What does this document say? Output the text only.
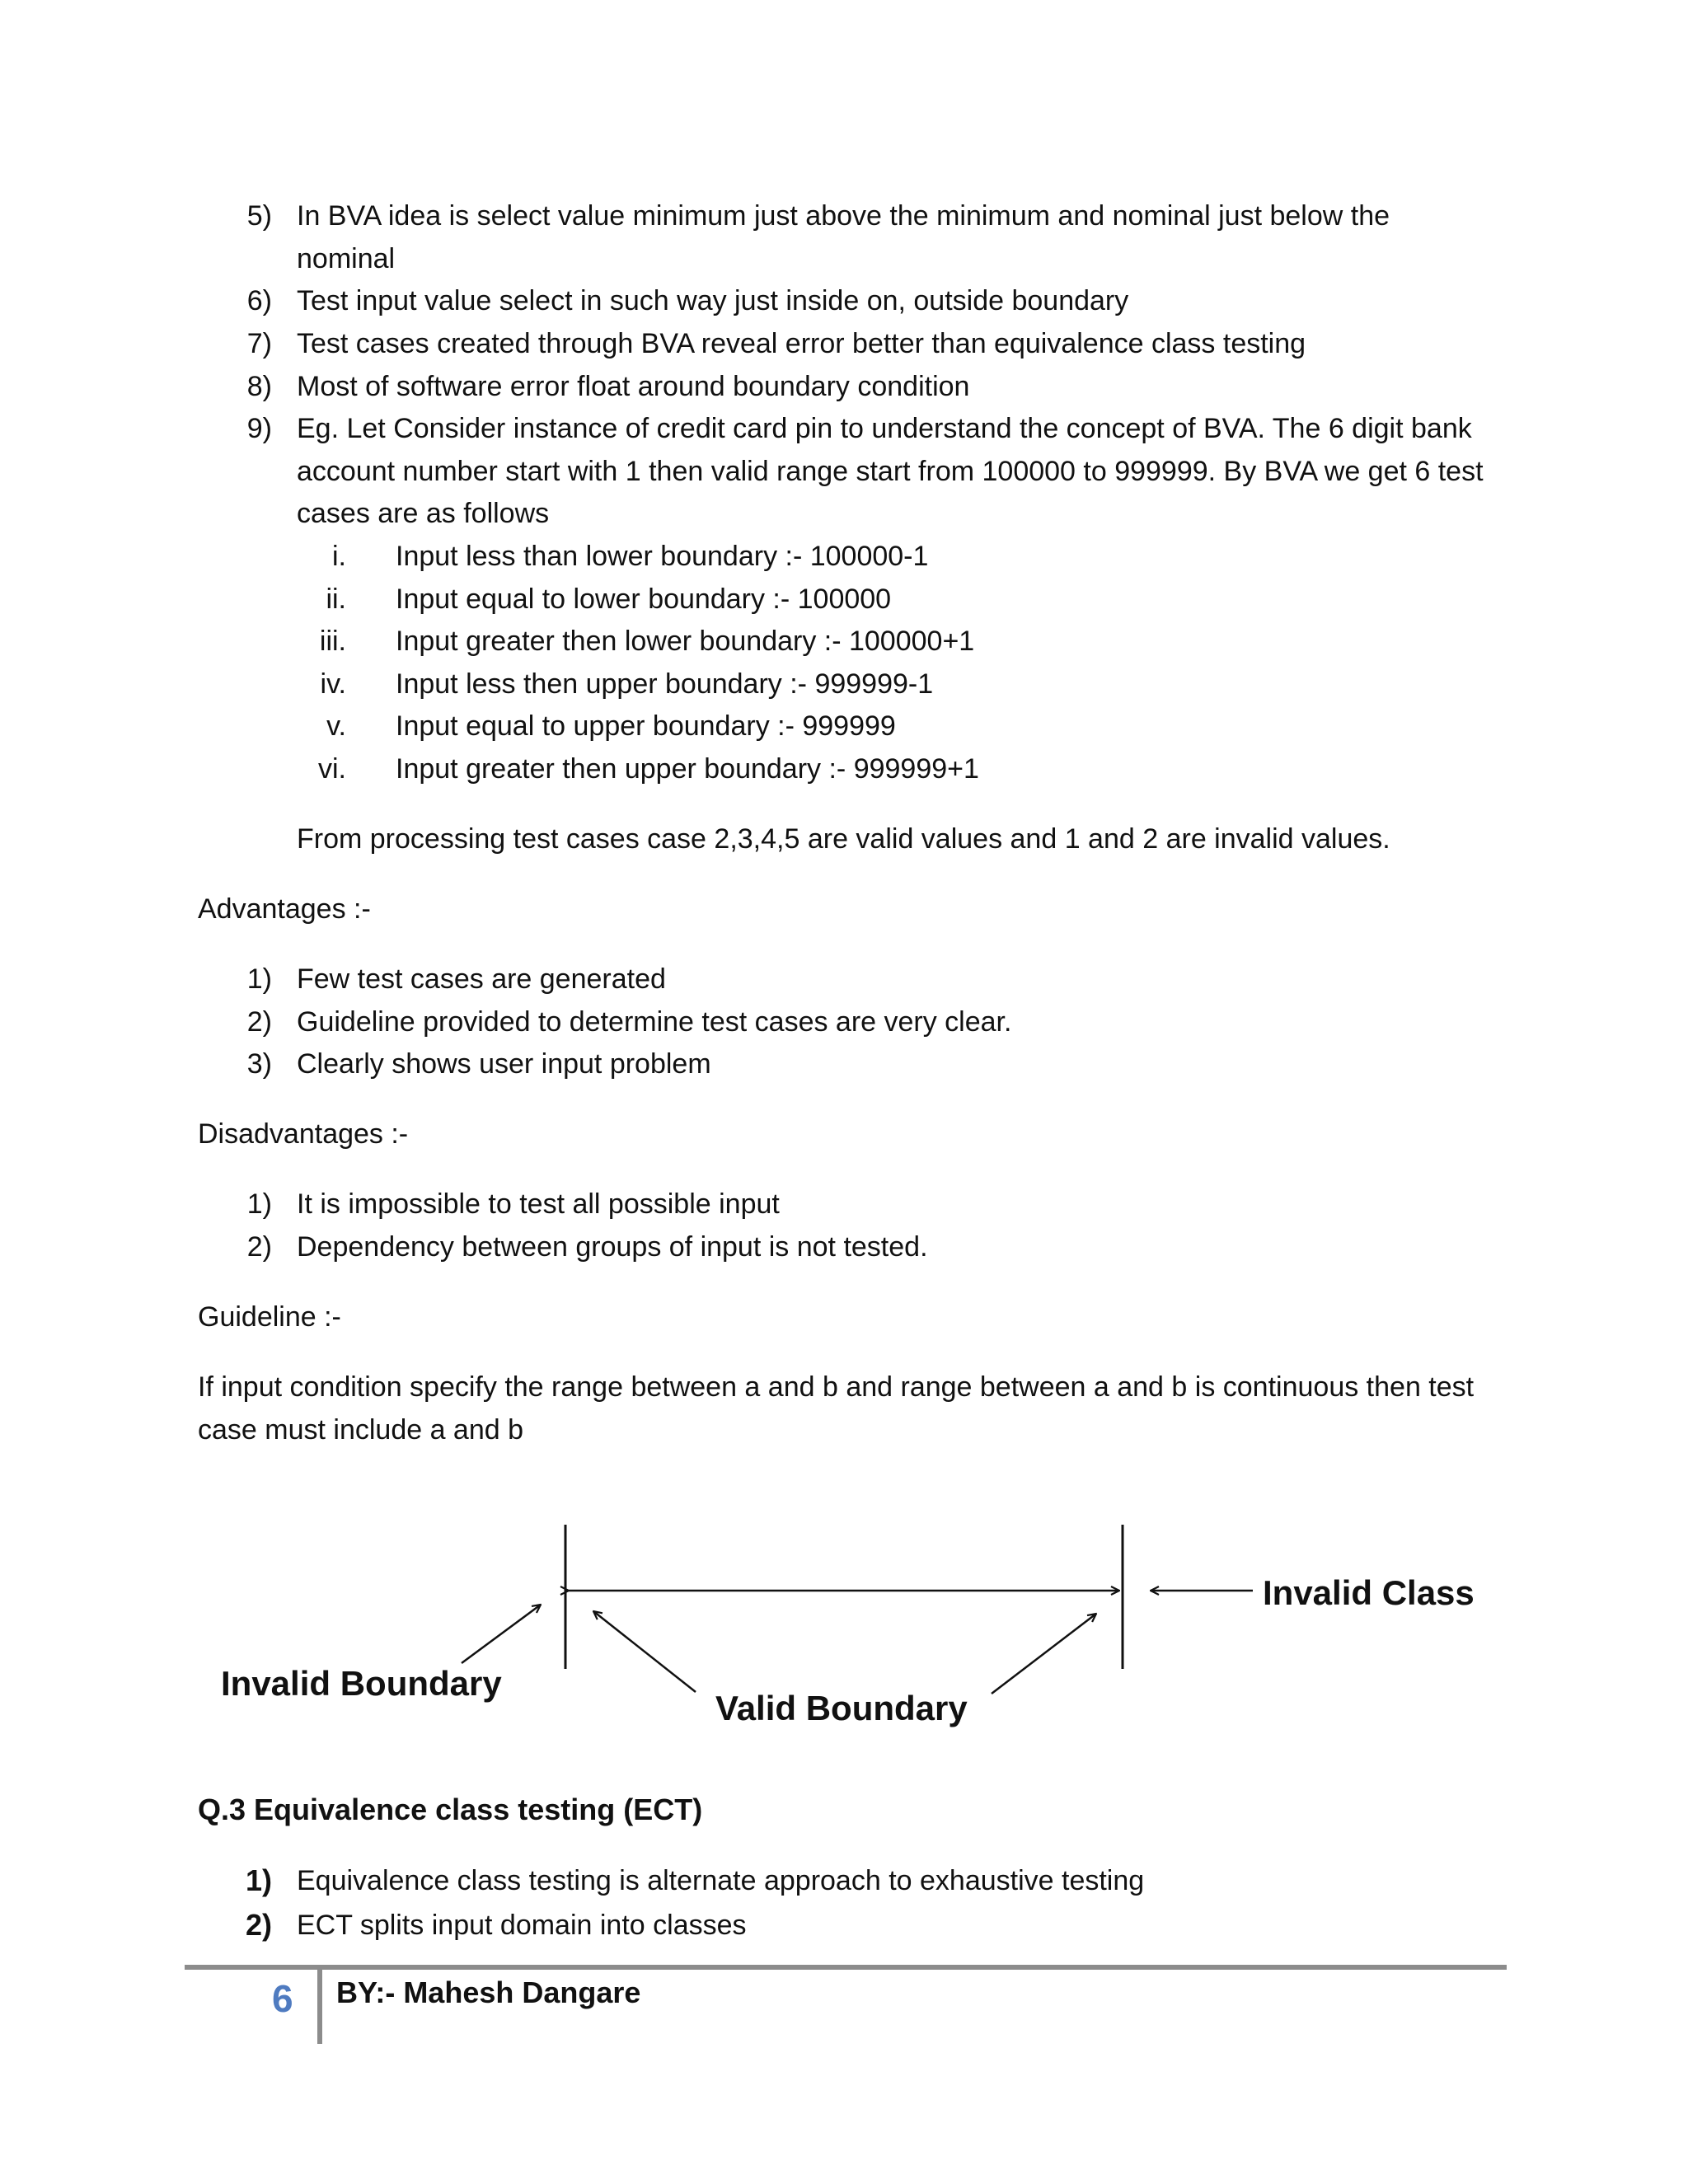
5) In BVA idea is select value minimum just above the minimum and nominal just below the
nominal
6) Test input value select in such way just inside on, outside boundary
7) Test cases created through BVA reveal error better than equivalence class testing
8) Most of software error float around boundary condition
9) Eg. Let Consider instance of credit card pin to understand the concept of BVA. The 6 digit bank
account number start with 1 then valid range start from 100000 to 999999. By BVA we get 6 test
cases are as follows
i. Input less than lower boundary :- 100000-1
ii. Input equal to lower boundary :- 100000
iii. Input greater then lower boundary :- 100000+1
iv. Input less then upper boundary :- 999999-1
v. Input equal to upper boundary :- 999999
vi. Input greater then upper boundary :- 999999+1
From processing test cases case 2,3,4,5 are valid values and 1 and 2 are invalid values.
Advantages :-
1) Few test cases are generated
2) Guideline provided to determine test cases are very clear.
3) Clearly shows user input problem
Disadvantages :-
1) It is impossible to test all possible input
2) Dependency between groups of input is not tested.
Guideline :-
If input condition specify the range between a and b and range between a and b is continuous then test
case must include a and b
Invalid Class
Invalid Boundary
Valid Boundary
Q.3 Equivalence class testing (ECT)
1) Equivalence class testing is alternate approach to exhaustive testing
2) ECT splits input domain into classes
6 BY:- Mahesh Dangare
